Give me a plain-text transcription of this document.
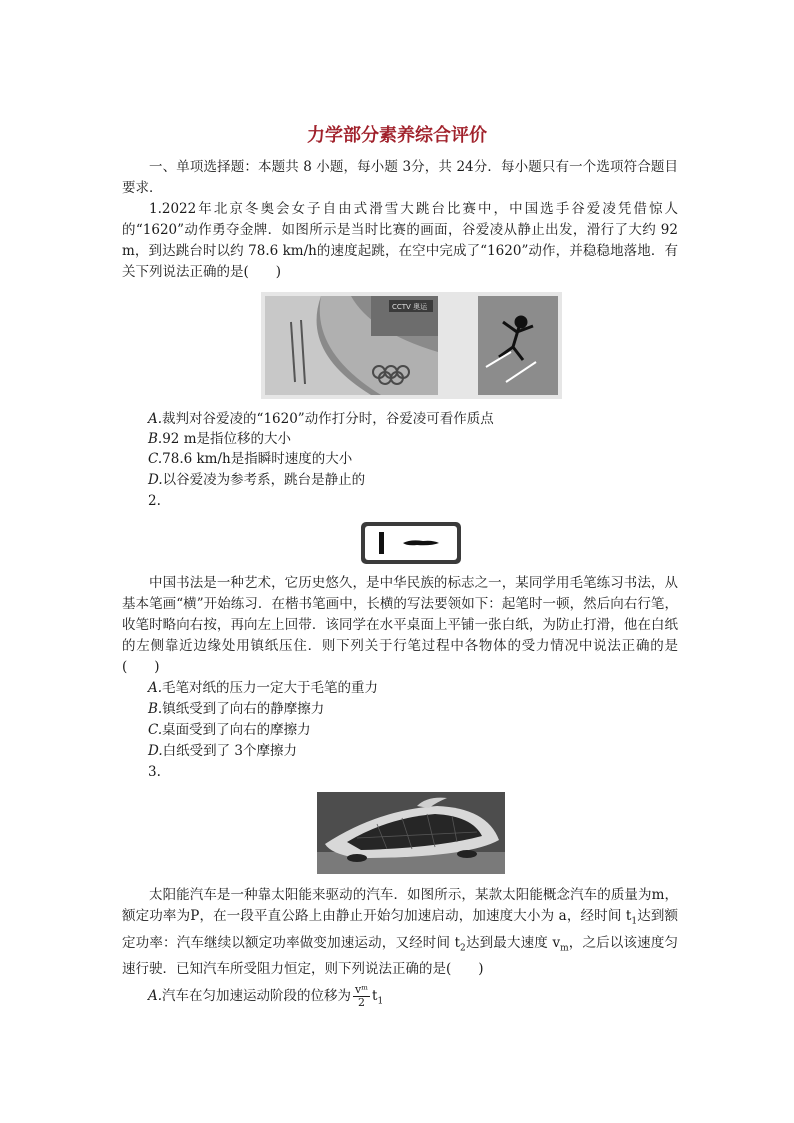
力学部分素养综合评价
一、单项选择题：本题共 8 小题，每小题 3分，共 24分．每小题只有一个选项符合题目要求．
1.2022年北京冬奥会女子自由式滑雪大跳台比赛中，中国选手谷爱凌凭借惊人的“1620”动作勇夺金牌．如图所示是当时比赛的画面，谷爱凌从静止出发，滑行了大约 92 m，到达跳台时以约 78.6 km/h的速度起跳，在空中完成了“1620”动作，并稳稳地落地．有关下列说法正确的是(　　)
CCTV 奥运
A.裁判对谷爱凌的“1620”动作打分时，谷爱凌可看作质点
B.92 m是指位移的大小
C.78.6 km/h是指瞬时速度的大小
D.以谷爱凌为参考系，跳台是静止的
2.
中国书法是一种艺术，它历史悠久，是中华民族的标志之一，某同学用毛笔练习书法，从基本笔画“横”开始练习．在楷书笔画中，长横的写法要领如下：起笔时一顿，然后向右行笔，收笔时略向右按，再向左上回带．该同学在水平桌面上平铺一张白纸，为防止打滑，他在白纸的左侧靠近边缘处用镇纸压住．则下列关于行笔过程中各物体的受力情况中说法正确的是(　　)
A.毛笔对纸的压力一定大于毛笔的重力
B.镇纸受到了向右的静摩擦力
C.桌面受到了向右的摩擦力
D.白纸受到了 3个摩擦力
3.
太阳能汽车是一种靠太阳能来驱动的汽车．如图所示，某款太阳能概念汽车的质量为m，额定功率为P，在一段平直公路上由静止开始匀加速启动，加速度大小为 a，经时间 $t_1$达到额定功率：汽车继续以额定功率做变加速运动，又经时间 $t_2$达到最大速度 $v_m$，之后以该速度匀速行驶．已知汽车所受阻力恒定，则下列说法正确的是(　　)
A.汽车在匀加速运动阶段的位移为 $\frac{\text{vᵐ}}{2} t_1$
